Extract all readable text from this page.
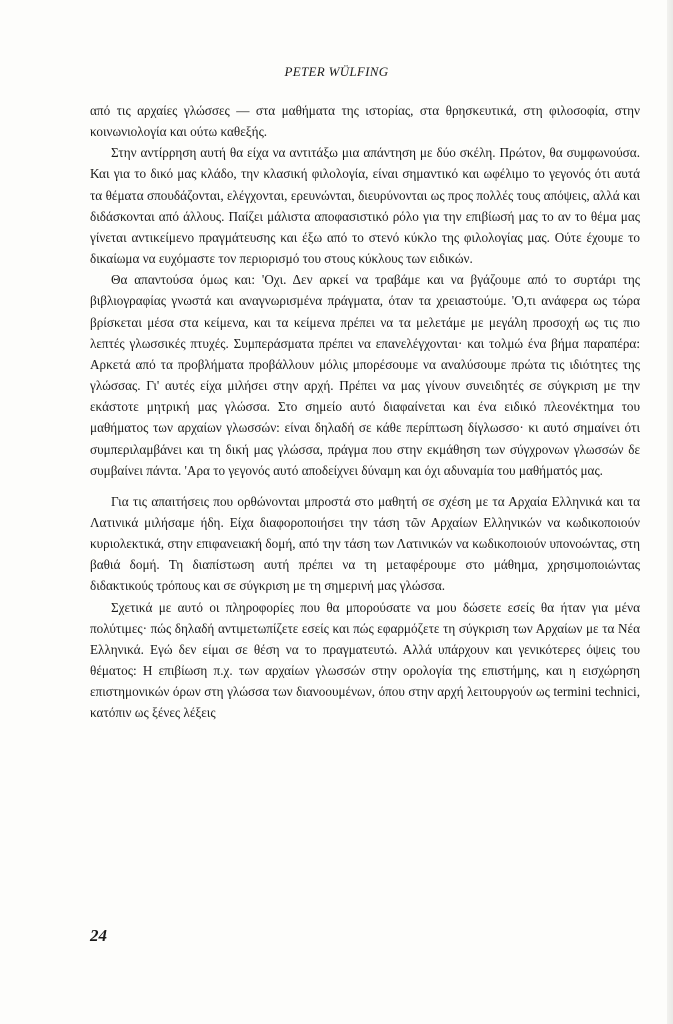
PETER WÜLFING

από τις αρχαίες γλώσσες — στα μαθήματα της ιστορίας, στα θρησκευτικά, στη φιλοσοφία, στην κοινωνιολογία και ούτω καθεξής.

Στην αντίρρηση αυτή θα είχα να αντιτάξω μια απάντηση με δύο σκέλη. Πρώτον, θα συμφωνούσα. Και για το δικό μας κλάδο, την κλασική φιλολογία, είναι σημαντικό και ωφέλιμο το γεγονός ότι αυτά τα θέματα σπουδάζονται, ελέγχονται, ερευνώνται, διευρύνονται ως προς πολλές τους απόψεις, αλλά και διδάσκονται από άλλους. Παίζει μάλιστα αποφασιστικό ρόλο για την επιβίωσή μας το αν το θέμα μας γίνεται αντικείμενο πραγμάτευσης και έξω από το στενό κύκλο της φιλολογίας μας. Ούτε έχουμε το δικαίωμα να ευχόμαστε τον περιορισμό του στους κύκλους των ειδικών.

Θα απαντούσα όμως και: 'Οχι. Δεν αρκεί να τραβάμε και να βγάζουμε από το συρτάρι της βιβλιογραφίας γνωστά και αναγνωρισμένα πράγματα, όταν τα χρειαστούμε. 'Ο,τι ανάφερα ως τώρα βρίσκεται μέσα στα κείμενα, και τα κείμενα πρέπει να τα μελετάμε με μεγάλη προσοχή ως τις πιο λεπτές γλωσσικές πτυχές. Συμπεράσματα πρέπει να επανελέγχονται· και τολμώ ένα βήμα παραπέρα: Αρκετά από τα προβλήματα προβάλλουν μόλις μπορέσουμε να αναλύσουμε πρώτα τις ιδιότητες της γλώσσας. Γι' αυτές είχα μιλήσει στην αρχή. Πρέπει να μας γίνουν συνειδητές σε σύγκριση με την εκάστοτε μητρική μας γλώσσα. Στο σημείο αυτό διαφαίνεται και ένα ειδικό πλεονέκτημα του μαθήματος των αρχαίων γλωσσών: είναι δηλαδή σε κάθε περίπτωση δίγλωσσο· κι αυτό σημαίνει ότι συμπεριλαμβάνει και τη δική μας γλώσσα, πράγμα που στην εκμάθηση των σύγχρονων γλωσσών δε συμβαίνει πάντα. 'Αρα το γεγονός αυτό αποδείχνει δύναμη και όχι αδυναμία του μαθήματός μας.

Για τις απαιτήσεις που ορθώνονται μπροστά στο μαθητή σε σχέση με τα Αρχαία Ελληνικά και τα Λατινικά μιλήσαμε ήδη. Είχα διαφοροποιήσει την τάση τῶν Αρχαίων Ελληνικών να κωδικοποιούν κυριολεκτικά, στην επιφανειακή δομή, από την τάση των Λατινικών να κωδικοποιούν υπονοώντας, στη βαθιά δομή. Τη διαπίστωση αυτή πρέπει να τη μεταφέρουμε στο μάθημα, χρησιμοποιώντας διδακτικούς τρόπους και σε σύγκριση με τη σημερινή μας γλώσσα.

Σχετικά με αυτό οι πληροφορίες που θα μπορούσατε να μου δώσετε εσείς θα ήταν για μένα πολύτιμες· πώς δηλαδή αντιμετωπίζετε εσείς και πώς εφαρμόζετε τη σύγκριση των Αρχαίων με τα Νέα Ελληνικά. Εγώ δεν είμαι σε θέση να το πραγματευτώ. Αλλά υπάρχουν και γενικότερες όψεις του θέματος: Η επιβίωση π.χ. των αρχαίων γλωσσών στην ορολογία της επιστήμης, και η εισχώρηση επιστημονικών όρων στη γλώσσα των διανοουμένων, όπου στην αρχή λειτουργούν ως termini technici, κατόπιν ως ξένες λέξεις

24
